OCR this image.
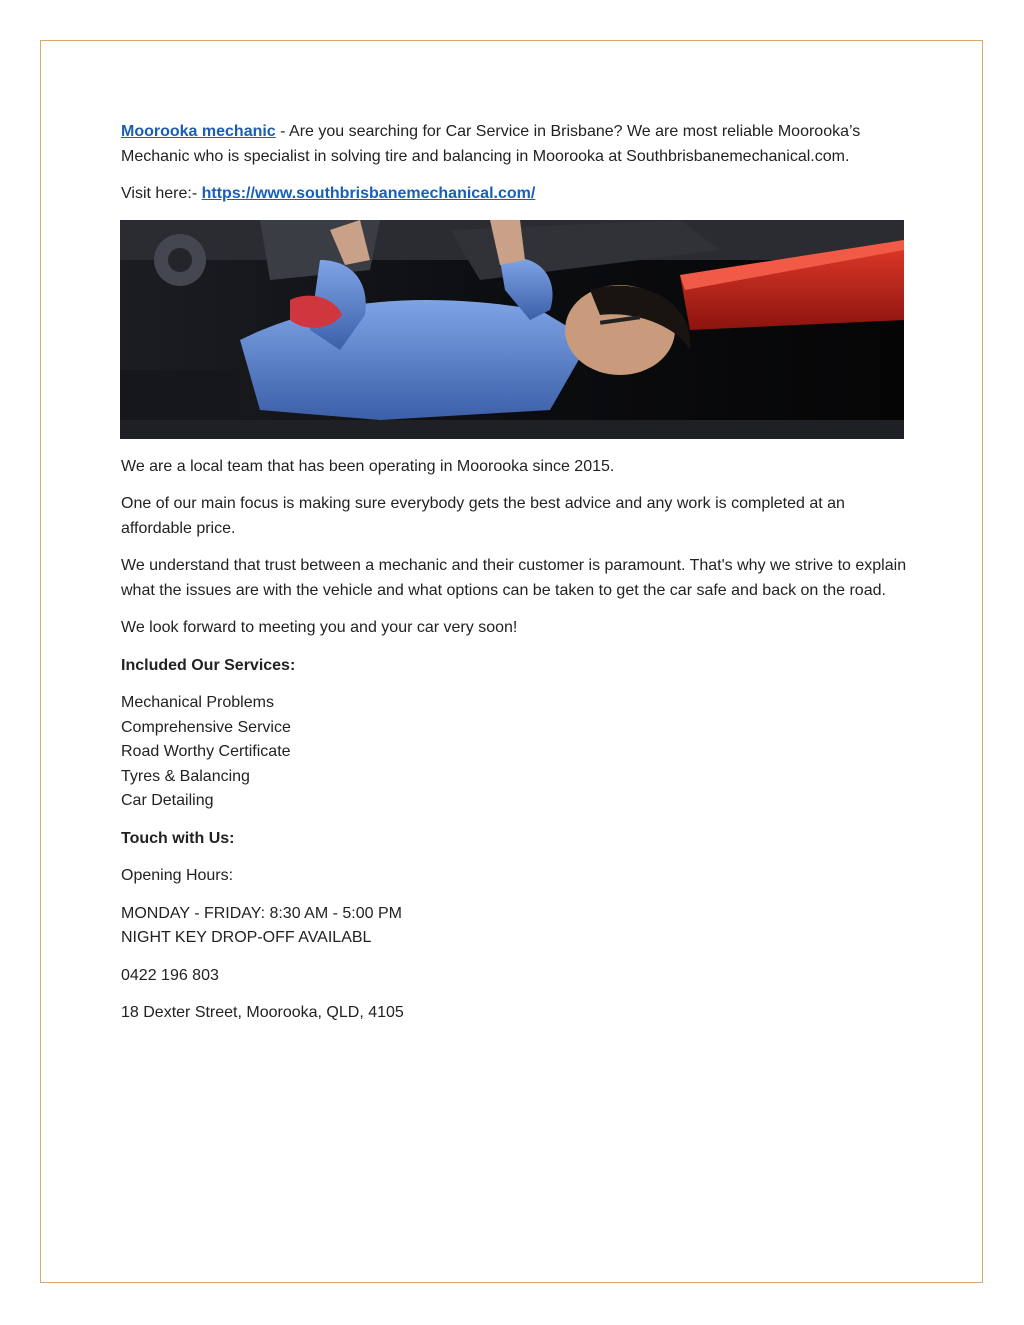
Moorooka mechanic - Are you searching for Car Service in Brisbane? We are most reliable Moorooka’s Mechanic who is specialist in solving tire and balancing in Moorooka at Southbrisbanemechanical.com.

Visit here:- https://www.southbrisbanemechanical.com/

We are a local team that has been operating in Moorooka since 2015.

One of our main focus is making sure everybody gets the best advice and any work is completed at an affordable price.

We understand that trust between a mechanic and their customer is paramount. That's why we strive to explain what the issues are with the vehicle and what options can be taken to get the car safe and back on the road.

We look forward to meeting you and your car very soon!

Included Our Services:

Mechanical Problems

Comprehensive Service

Road Worthy Certificate

Tyres & Balancing

Car Detailing

Touch with Us:

Opening Hours:

MONDAY - FRIDAY: 8:30 AM - 5:00 PM

NIGHT KEY DROP-OFF AVAILABL

0422 196 803

18 Dexter Street, Moorooka, QLD, 4105
